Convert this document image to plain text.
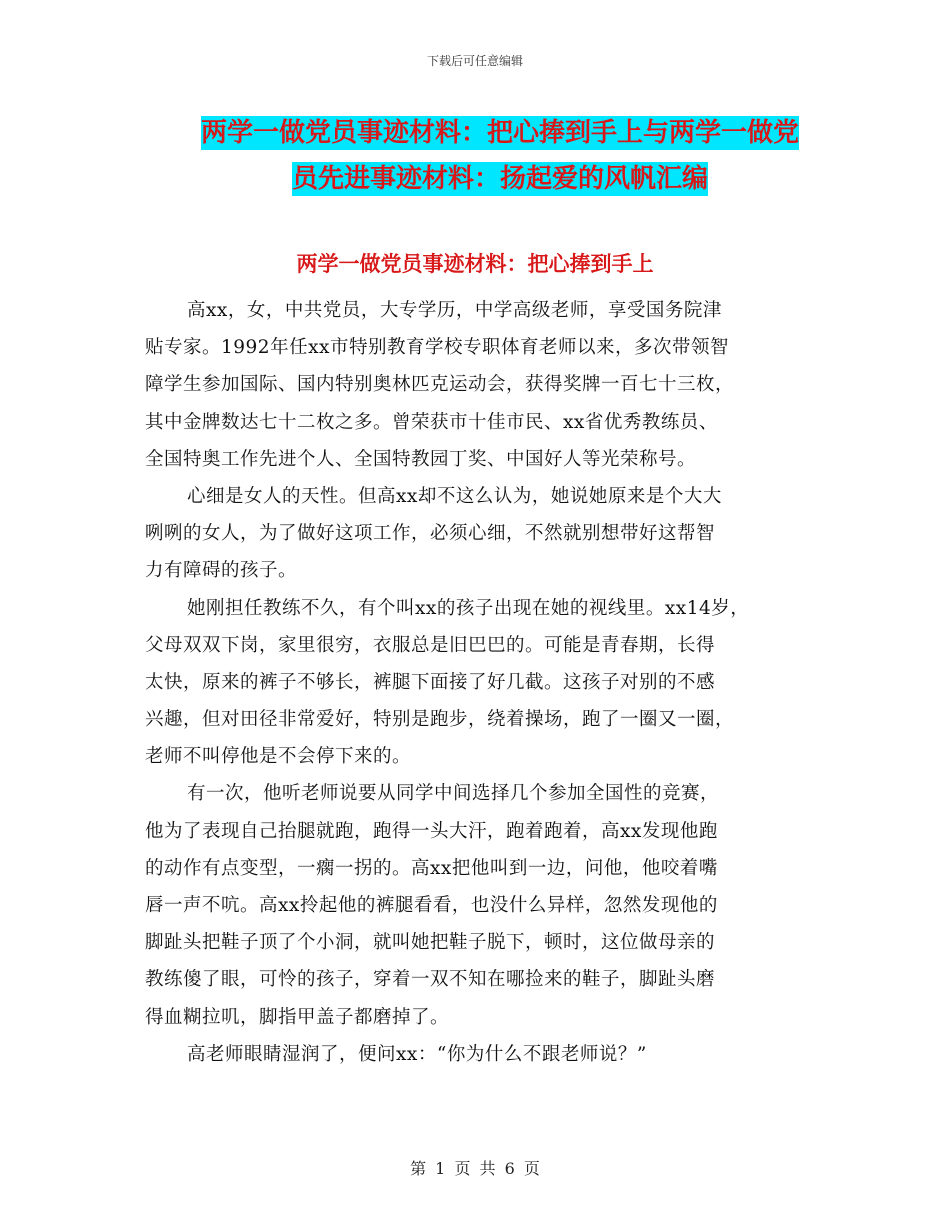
下载后可任意编辑
两学一做党员事迹材料：把心捧到手上与两学一做党
员先进事迹材料：扬起爱的风帆汇编
两学一做党员事迹材料：把心捧到手上
高xx，女，中共党员，大专学历，中学高级老师，享受国务院津
贴专家。1992年任xx市特别教育学校专职体育老师以来，多次带领智
障学生参加国际、国内特别奥林匹克运动会，获得奖牌一百七十三枚，
其中金牌数达七十二枚之多。曾荣获市十佳市民、xx省优秀教练员、
全国特奥工作先进个人、全国特教园丁奖、中国好人等光荣称号。
心细是女人的天性。但高xx却不这么认为，她说她原来是个大大
咧咧的女人，为了做好这项工作，必须心细，不然就别想带好这帮智
力有障碍的孩子。
她刚担任教练不久，有个叫xx的孩子出现在她的视线里。xx14岁，
父母双双下岗，家里很穷，衣服总是旧巴巴的。可能是青春期，长得
太快，原来的裤子不够长，裤腿下面接了好几截。这孩子对别的不感
兴趣，但对田径非常爱好，特别是跑步，绕着操场，跑了一圈又一圈，
老师不叫停他是不会停下来的。
有一次，他听老师说要从同学中间选择几个参加全国性的竞赛，
他为了表现自己抬腿就跑，跑得一头大汗，跑着跑着，高xx发现他跑
的动作有点变型，一瘸一拐的。高xx把他叫到一边，问他，他咬着嘴
唇一声不吭。高xx拎起他的裤腿看看，也没什么异样，忽然发现他的
脚趾头把鞋子顶了个小洞，就叫她把鞋子脱下，顿时，这位做母亲的
教练傻了眼，可怜的孩子，穿着一双不知在哪捡来的鞋子，脚趾头磨
得血糊拉叽，脚指甲盖子都磨掉了。
高老师眼睛湿润了，便问xx：“你为什么不跟老师说？”
第 1 页 共 6 页
